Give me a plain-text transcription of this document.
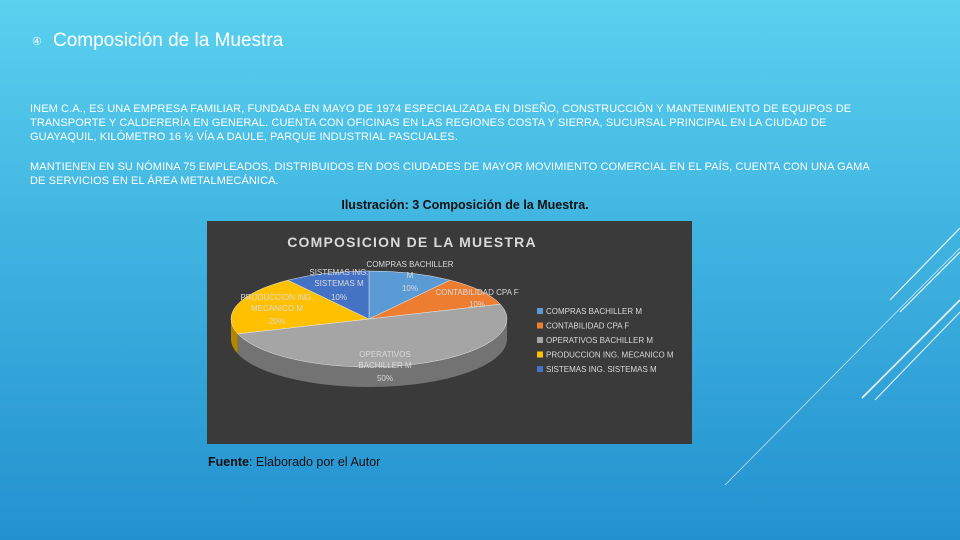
④ Composición de la Muestra
INEM C.A., ES UNA EMPRESA FAMILIAR, FUNDADA EN MAYO DE 1974 ESPECIALIZADA EN DISEÑO, CONSTRUCCIÓN Y MANTENIMIENTO DE EQUIPOS DE TRANSPORTE Y CALDERERÍA EN GENERAL. CUENTA CON OFICINAS EN LAS REGIONES COSTA Y SIERRA, SUCURSAL PRINCIPAL EN LA CIUDAD DE GUAYAQUIL, KILÓMETRO 16 ½ VÍA A DAULE, PARQUE INDUSTRIAL PASCUALES.
MANTIENEN EN SU NÓMINA 75 EMPLEADOS, DISTRIBUIDOS EN DOS CIUDADES DE MAYOR MOVIMIENTO COMERCIAL EN EL PAÍS, CUENTA CON UNA GAMA DE SERVICIOS EN EL ÁREA METALMECÁNICA.
Ilustración: 3 Composición de la Muestra.
COMPOSICION DE LA MUESTRA
COMPRAS BACHILLER M
10% CONTABILIDAD CPA F
10%
OPERATIVOS BACHILLER M
50%
PRODUCCION ING. MECANICO M
20%
SISTEMAS ING. SISTEMAS M
10%
COMPRAS BACHILLER M
CONTABILIDAD CPA F
OPERATIVOS BACHILLER M
PRODUCCION ING. MECANICO M
SISTEMAS ING. SISTEMAS M
Fuente: Elaborado por el Autor
